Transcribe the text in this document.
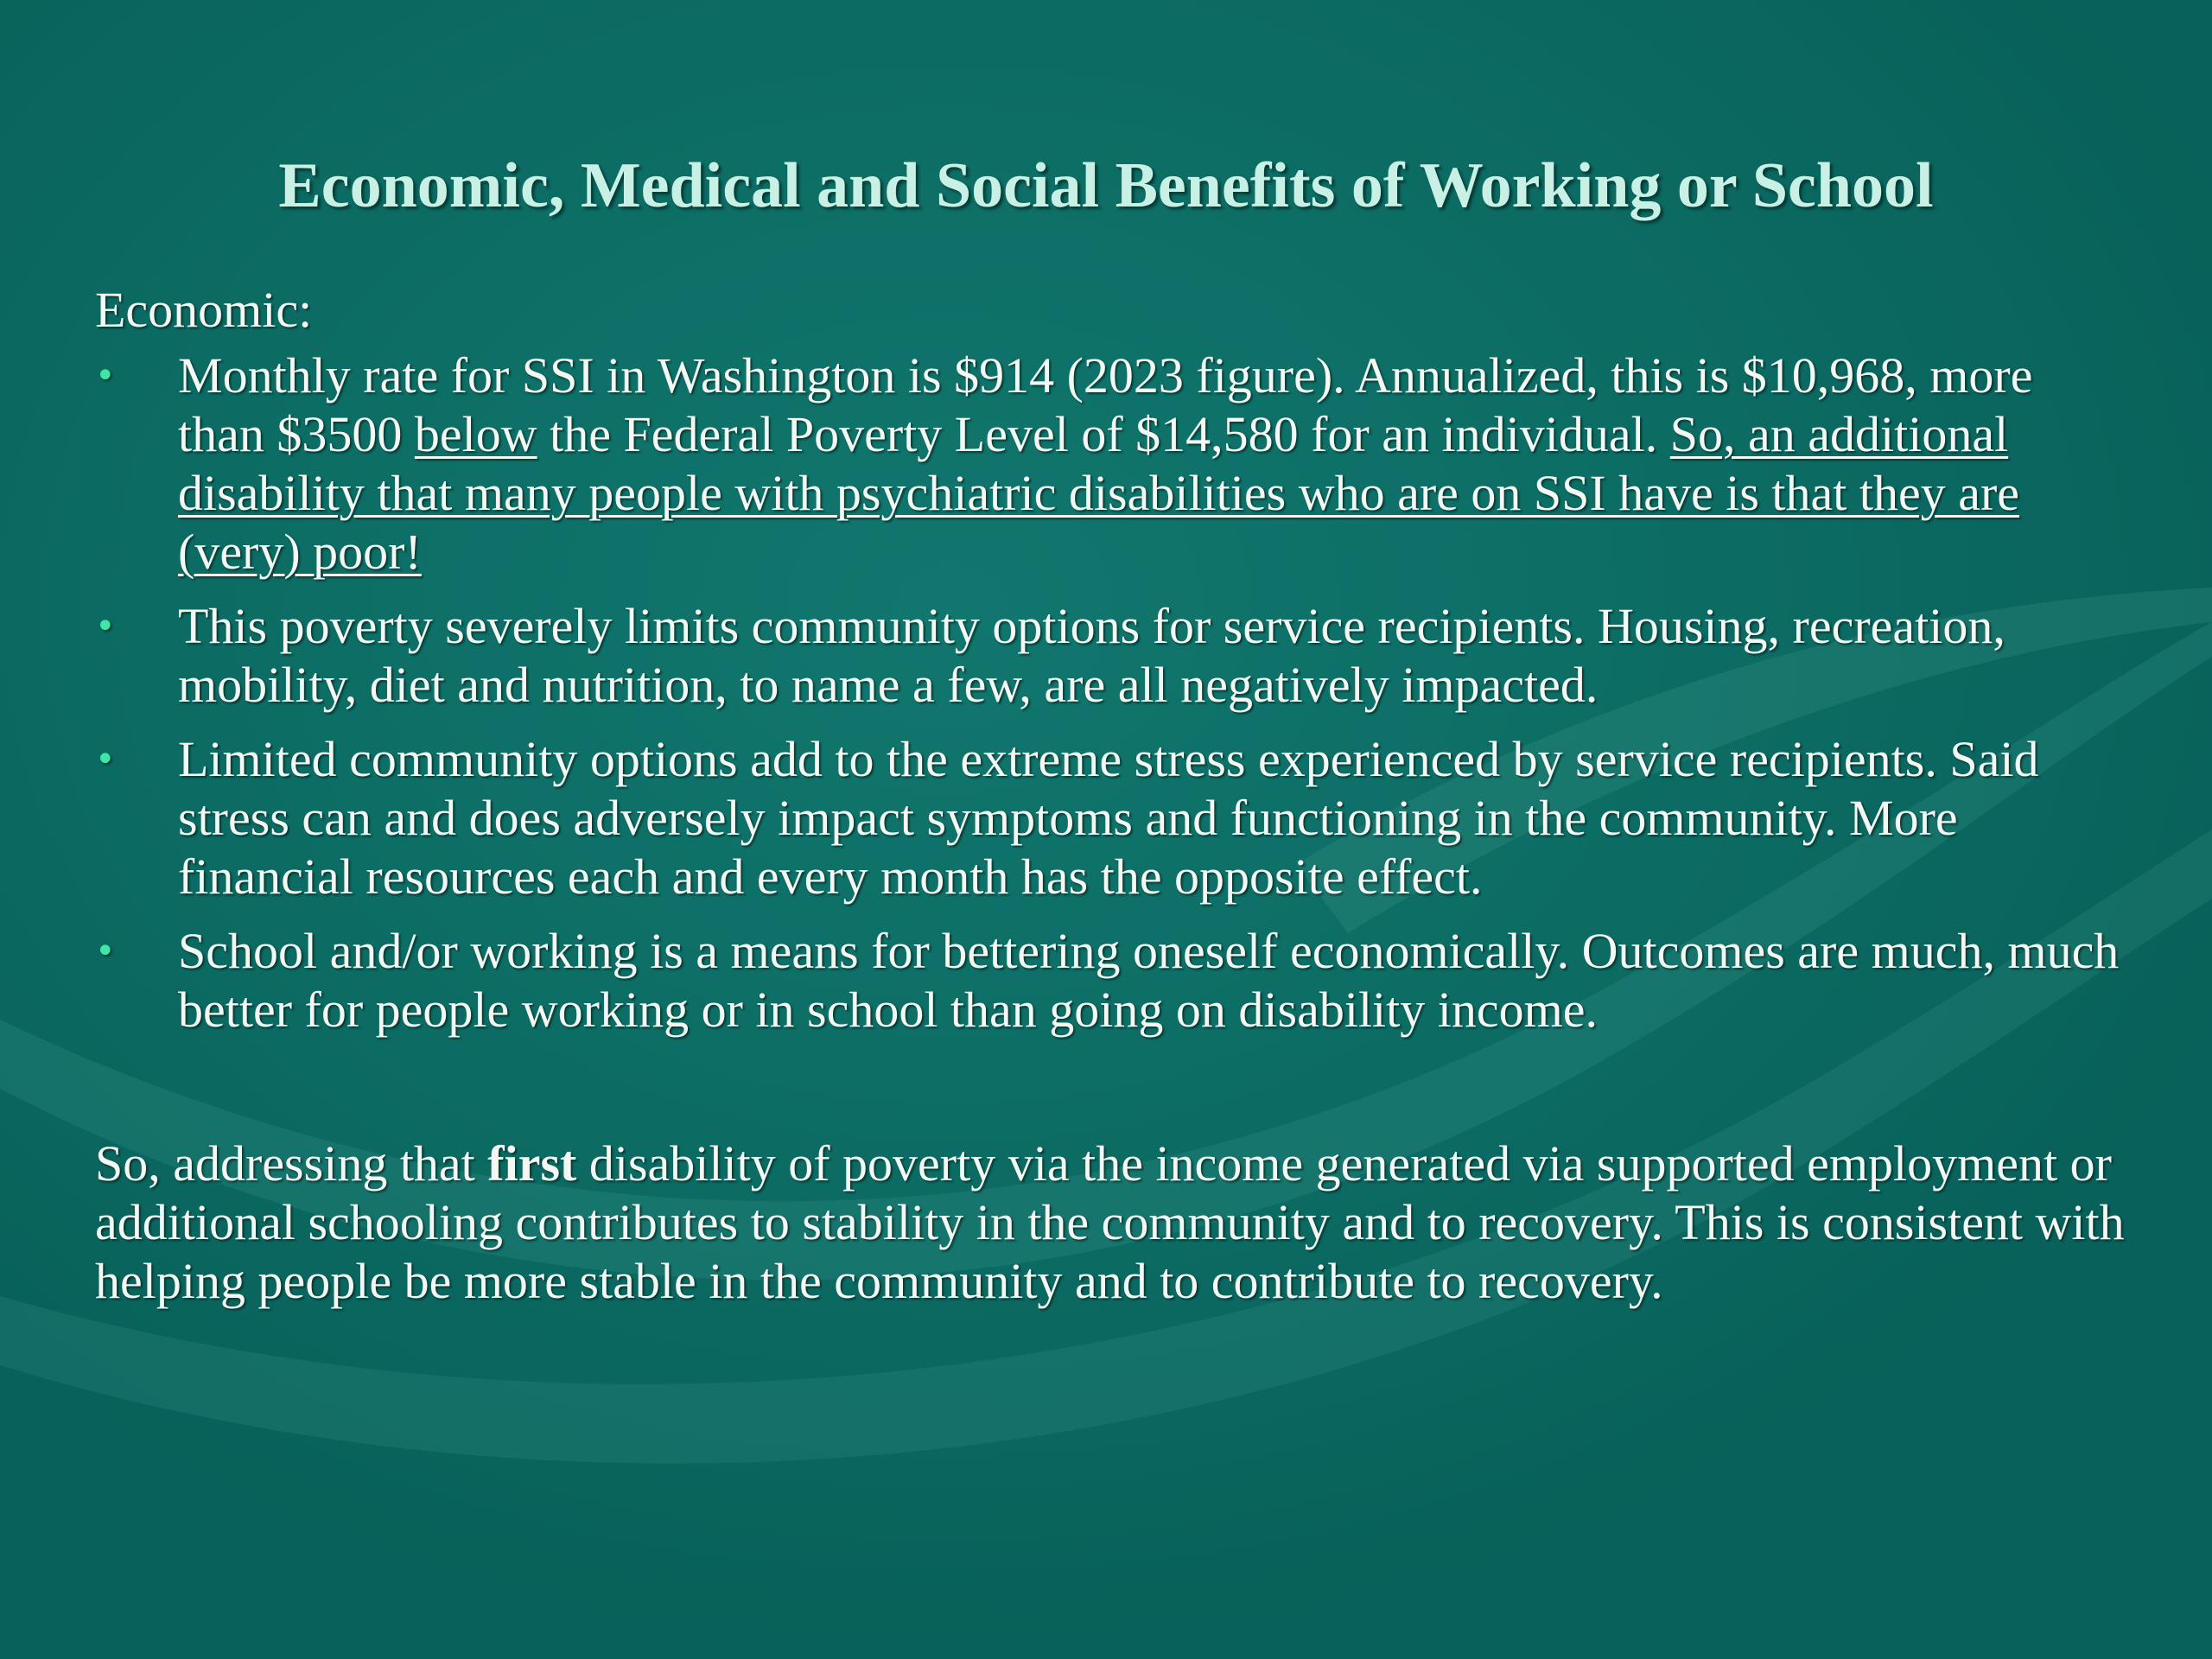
Economic, Medical and Social Benefits of Working or School
Economic:
• Monthly rate for SSI in Washington is $914 (2023 figure). Annualized, this is $10,968, more than $3500 below the Federal Poverty Level of $14,580 for an individual. So, an additional disability that many people with psychiatric disabilities who are on SSI have is that they are (very) poor!
• This poverty severely limits community options for service recipients. Housing, recreation, mobility, diet and nutrition, to name a few, are all negatively impacted.
• Limited community options add to the extreme stress experienced by service recipients. Said stress can and does adversely impact symptoms and functioning in the community. More financial resources each and every month has the opposite effect.
• School and/or working is a means for bettering oneself economically. Outcomes are much, much better for people working or in school than going on disability income.

So, addressing that first disability of poverty via the income generated via supported employment or additional schooling contributes to stability in the community and to recovery. This is consistent with helping people be more stable in the community and to contribute to recovery.
